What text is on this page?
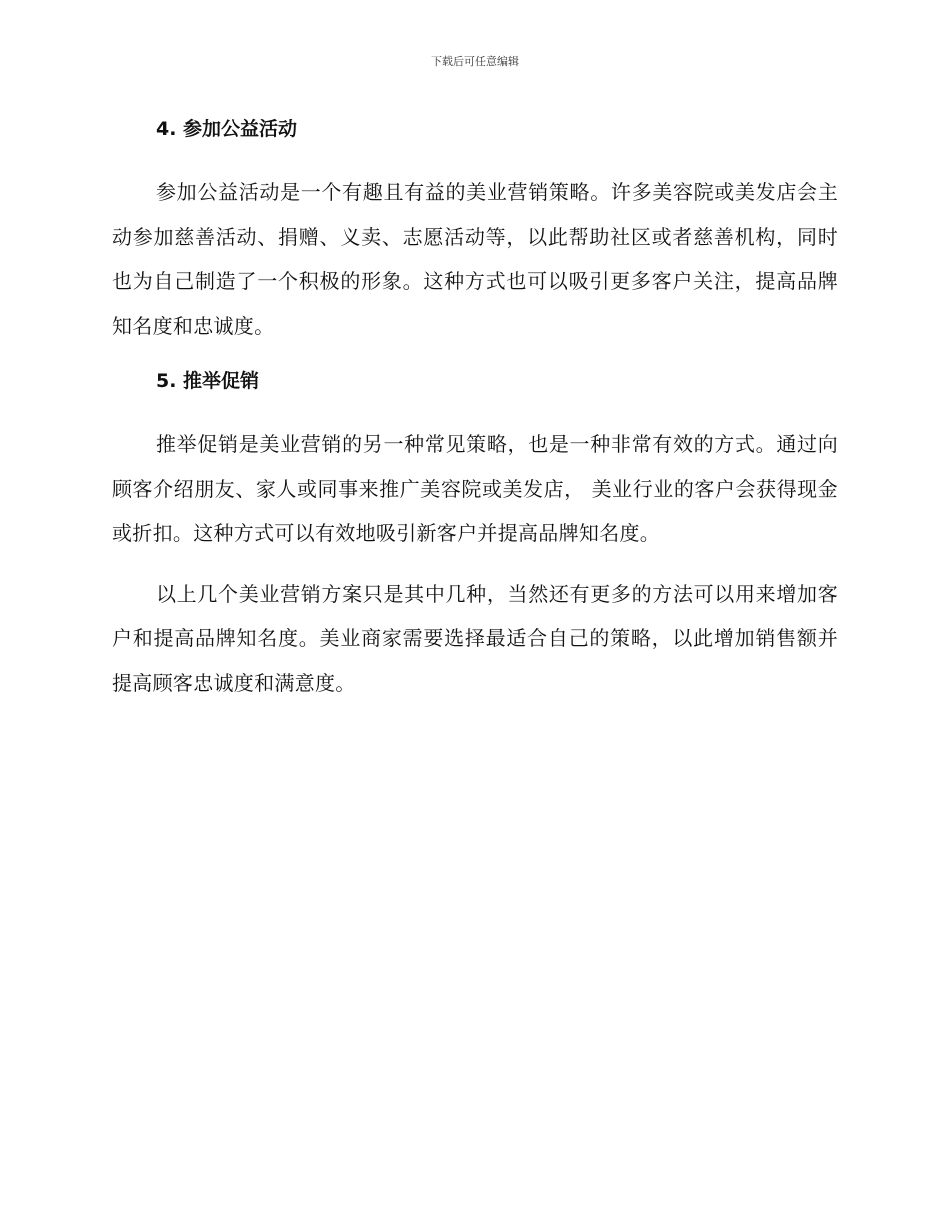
下载后可任意编辑
4. 参加公益活动

参加公益活动是一个有趣且有益的美业营销策略。许多美容院或美发店会主动参加慈善活动、捐赠、义卖、志愿活动等，以此帮助社区或者慈善机构，同时也为自己制造了一个积极的形象。这种方式也可以吸引更多客户关注，提高品牌知名度和忠诚度。

5. 推举促销

推举促销是美业营销的另一种常见策略，也是一种非常有效的方式。通过向顾客介绍朋友、家人或同事来推广美容院或美发店， 美业行业的客户会获得现金或折扣。这种方式可以有效地吸引新客户并提高品牌知名度。

以上几个美业营销方案只是其中几种，当然还有更多的方法可以用来增加客户和提高品牌知名度。美业商家需要选择最适合自己的策略，以此增加销售额并提高顾客忠诚度和满意度。
